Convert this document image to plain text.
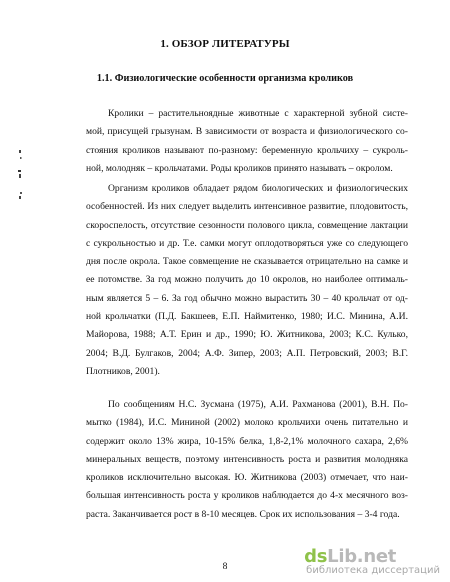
1. ОБЗОР ЛИТЕРАТУРЫ
1.1. Физиологические особенности организма кроликов
Кролики – растительноядные животные с характерной зубной систе-
мой, присущей грызунам. В зависимости от возраста и физиологического со-
стояния кроликов называют по-разному: беременную крольчиху – сукроль-
ной, молодняк – крольчатами. Роды кроликов принято называть – окролом.
Организм кроликов обладает рядом биологических и физиологических
особенностей. Из них следует выделить интенсивное развитие, плодовитость,
скороспелость, отсутствие сезонности полового цикла, совмещение лактации
с сукрольностью и др. Т.е. самки могут оплодотворяться уже со следующего
дня после окрола. Такое совмещение не сказывается отрицательно на самке и
ее потомстве. За год можно получить до 10 окролов, но наиболее оптималь-
ным является 5 – 6. За год обычно можно вырастить 30 – 40 крольчат от од-
ной крольчатки (П.Д. Бакшеев, Е.П. Наймитенко, 1980; И.С. Минина, А.И.
Майорова, 1988; А.Т. Ерин и др., 1990; Ю. Житникова, 2003; К.С. Кулько,
2004; В.Д. Булгаков, 2004; А.Ф. Зипер, 2003; А.П. Петровский, 2003; В.Г.
Плотников, 2001).
По сообщениям Н.С. Зусмана (1975), А.И. Рахманова (2001), В.Н. По-
мытко (1984), И.С. Мининой (2002) молоко крольчихи очень питательно и
содержит около 13% жира, 10-15% белка, 1,8-2,1% молочного сахара, 2,6%
минеральных веществ, поэтому интенсивность роста и развития молодняка
кроликов исключительно высокая. Ю. Житникова (2003) отмечает, что наи-
большая интенсивность роста у кроликов наблюдается до 4-х месячного воз-
раста. Заканчивается рост в 8-10 месяцев. Срок их использования – 3-4 года.
8	dsLib.net
библиотека диссертаций
